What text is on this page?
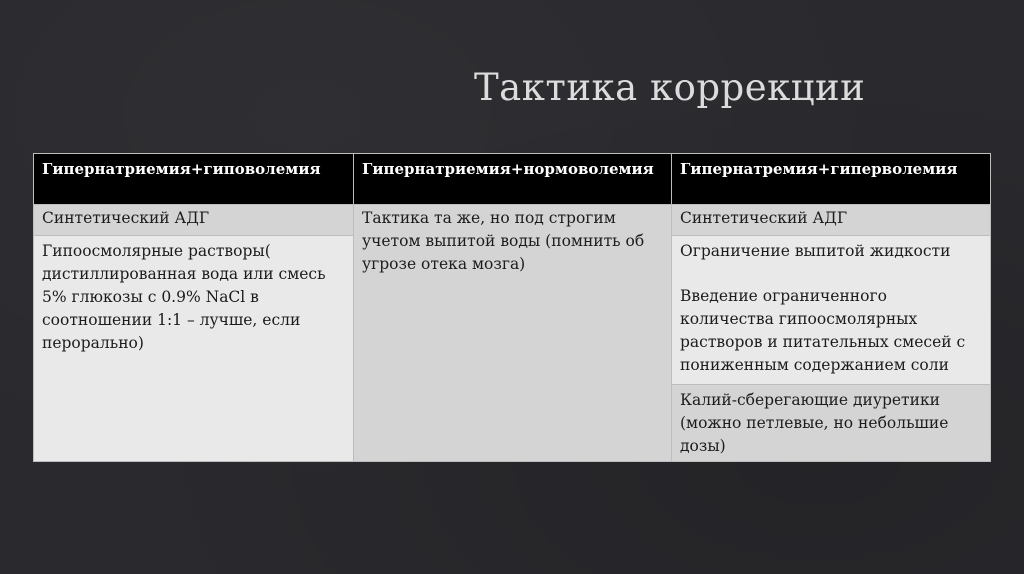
Тактика коррекции
Гипернатриемия+гиповолемия
Синтетический АДГ
Гипоосмолярные растворы( дистиллированная вода или смесь 5% глюкозы с 0.9% NaCl в соотношении 1:1 – лучше, если перорально)
Гипернатриемия+нормоволемия
Тактика та же, но под строгим учетом выпитой воды (помнить об угрозе отека мозга)
Гипернатремия+гиперволемия
Синтетический АДГ

Ограничение выпитой жидкости

Введение ограниченного количества гипоосмолярных растворов и питательных смесей с пониженным содержанием соли

Калий-сберегающие диуретики (можно петлевые, но небольшие дозы)
